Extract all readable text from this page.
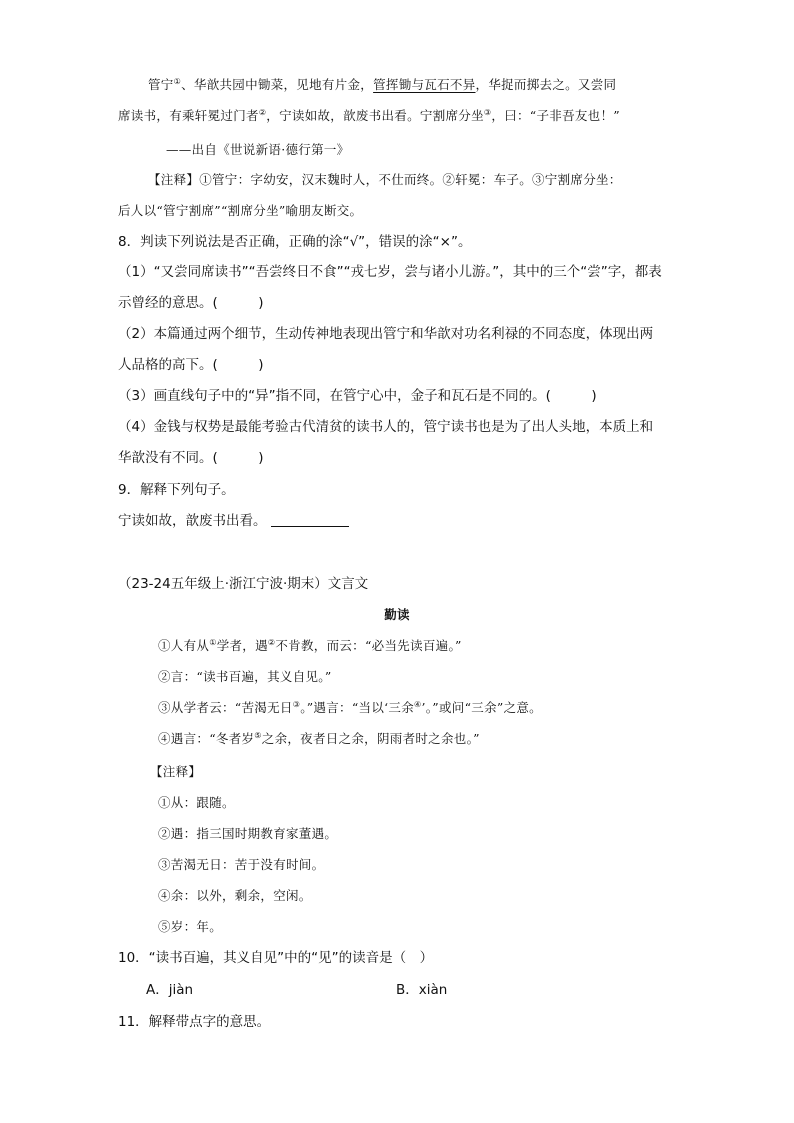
管宁①、华歆共园中锄菜，见地有片金，管挥锄与瓦石不异，华捉而掷去之。又尝同
席读书，有乘轩冕过门者②，宁读如故，歆废书出看。宁割席分坐③，曰：“子非吾友也！”
——出自《世说新语·德行第一》
【注释】①管宁：字幼安，汉末魏时人，不仕而终。②轩冕：车子。③宁割席分坐：
后人以“管宁割席”“割席分坐”喻朋友断交。
8．判读下列说法是否正确，正确的涂“√”，错误的涂“×”。
（1）“又尝同席读书”“吾尝终日不食”“戎七岁，尝与诸小儿游。”，其中的三个“尝”字，都表
示曾经的意思。(　　　)
（2）本篇通过两个细节，生动传神地表现出管宁和华歆对功名利禄的不同态度，体现出两
人品格的高下。(　　　)
（3）画直线句子中的“异”指不同，在管宁心中，金子和瓦石是不同的。(　　　)
（4）金钱与权势是最能考验古代清贫的读书人的，管宁读书也是为了出人头地，本质上和
华歆没有不同。(　　　)
9．解释下列句子。
宁读如故，歆废书出看。
（23-24五年级上·浙江宁波·期末）文言文
勤读
①人有从①学者，遇②不肯教，而云：“必当先读百遍。”
②言：“读书百遍，其义自见。”
③从学者云：“苦渴无日③。”遇言：“当以‘三余④’。”或问“三余”之意。
④遇言：“冬者岁⑤之余，夜者日之余，阴雨者时之余也。”
【注释】
①从：跟随。
②遇：指三国时期教育家董遇。
③苦渴无日：苦于没有时间。
④余：以外，剩余，空闲。
⑤岁：年。
10．“读书百遍，其义自见”中的“见”的读音是（　）
A．jiàn	B．xiàn
11．解释带点字的意思。
